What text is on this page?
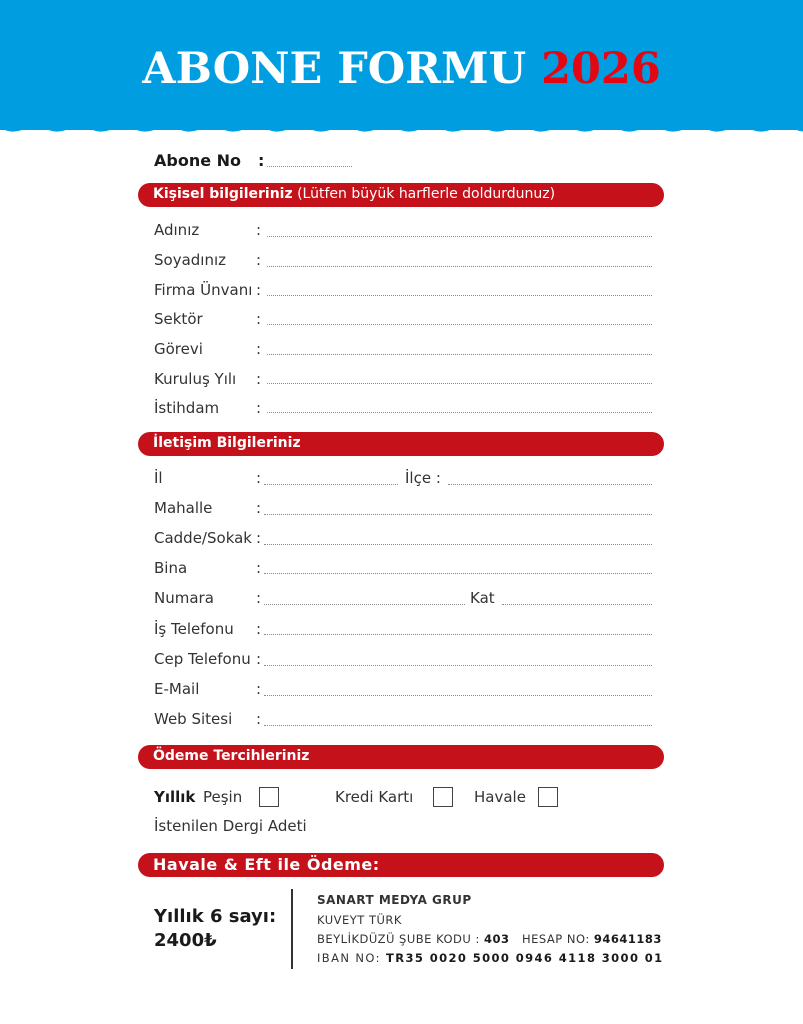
ABONE FORMU 2026
Abone No :
Kişisel bilgileriniz (Lütfen büyük harflerle doldurdunuz)
Adınız	:
Soyadınız :
Firma Ünvanı :
Sektör	:
Görevi	:
Kuruluş Yılı :
İstihdam :
İletişim Bilgileriniz
İl	:	İlçe :
Mahalle	:
Cadde/Sokak :
Bina	:
Numara	:	Kat
İş Telefonu :
Cep Telefonu :
E-Mail	:
Web Sitesi :
Ödeme Tercihleriniz
Yıllık Peşin	Kredi Kartı	Havale
İstenilen Dergi Adeti
Havale & Eft ile Ödeme:
Yıllık 6 sayı:
2400₺
SANART MEDYA GRUP
KUVEYT TÜRK
BEYLİKDÜZÜ ŞUBE KODU : 403 HESAP NO: 94641183
IBAN NO: TR35 0020 5000 0946 4118 3000 01
